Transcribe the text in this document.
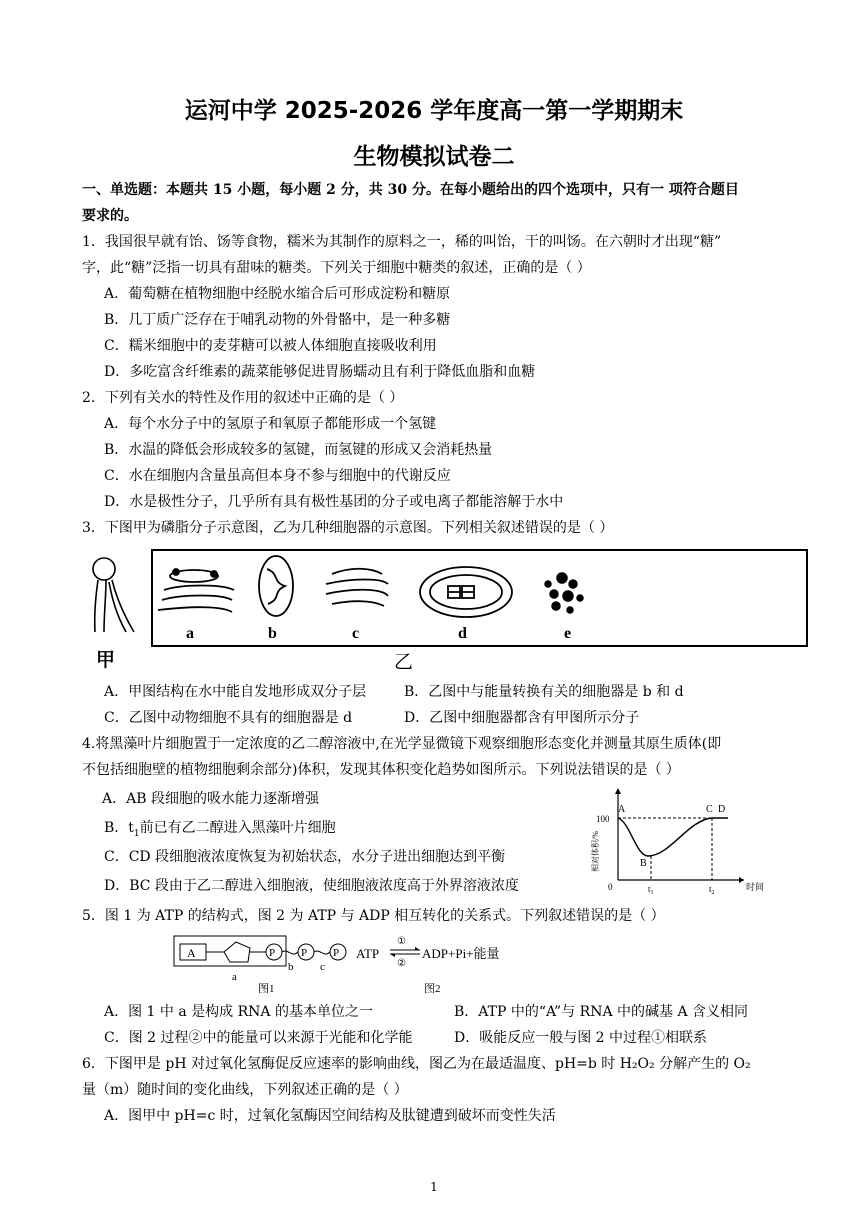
运河中学 2025-2026 学年度高一第一学期期末
生物模拟试卷二
一、单选题：本题共 15 小题，每小题 2 分，共 30 分。在每小题给出的四个选项中，只有一 项符合题目
要求的。
1．我国很早就有饴、饧等食物，糯米为其制作的原料之一，稀的叫饴，干的叫饧。在六朝时才出现“糖”
字，此“糖”泛指一切具有甜味的糖类。下列关于细胞中糖类的叙述，正确的是（ ）
A．葡萄糖在植物细胞中经脱水缩合后可形成淀粉和糖原
B．几丁质广泛存在于哺乳动物的外骨骼中，是一种多糖
C．糯米细胞中的麦芽糖可以被人体细胞直接吸收利用
D．多吃富含纤维素的蔬菜能够促进胃肠蠕动且有利于降低血脂和血糖
2．下列有关水的特性及作用的叙述中正确的是（ ）
A．每个水分子中的氢原子和氧原子都能形成一个氢键
B．水温的降低会形成较多的氢键，而氢键的形成又会消耗热量
C．水在细胞内含量虽高但本身不参与细胞中的代谢反应
D．水是极性分子，几乎所有具有极性基团的分子或电离子都能溶解于水中
3．下图甲为磷脂分子示意图，乙为几种细胞器的示意图。下列相关叙述错误的是（ ）
甲
a	b	c	d	e
乙
A．甲图结构在水中能自发地形成双分子层	B．乙图中与能量转换有关的细胞器是 b 和 d
C．乙图中动物细胞不具有的细胞器是 d	D．乙图中细胞器都含有甲图所示分子
4.将黑藻叶片细胞置于一定浓度的乙二醇溶液中,在光学显微镜下观察细胞形态变化并测量其原生质体(即
不包括细胞壁的植物细胞剩余部分)体积，发现其体积变化趋势如图所示。下列说法错误的是（ ）
A．AB 段细胞的吸水能力逐渐增强
B．$t_1$前已有乙二醇进入黑藻叶片细胞
C．CD 段细胞液浓度恢复为初始状态，水分子进出细胞达到平衡
D．BC 段由于乙二醇进入细胞液，使细胞液浓度高于外界溶液浓度
100
0
A
B
C D
$t_1$	$t_2$
时间
相对体积/%
5．图 1 为 ATP 的结构式，图 2 为 ATP 与 ADP 相互转化的关系式。下列叙述错误的是（ ）
A	P P P
a
b c
图1
ATP
①
②
ADP+Pi+能量
图2
A．图 1 中 a 是构成 RNA 的基本单位之一	B．ATP 中的“A”与 RNA 中的碱基 A 含义相同
C．图 2 过程②中的能量可以来源于光能和化学能	D．吸能反应一般与图 2 中过程①相联系
6．下图甲是 pH 对过氧化氢酶促反应速率的影响曲线，图乙为在最适温度、pH=b 时 H₂O₂ 分解产生的 O₂
量（m）随时间的变化曲线，下列叙述正确的是（ ）
A．图甲中 pH=c 时，过氧化氢酶因空间结构及肽键遭到破坏而变性失活
1
